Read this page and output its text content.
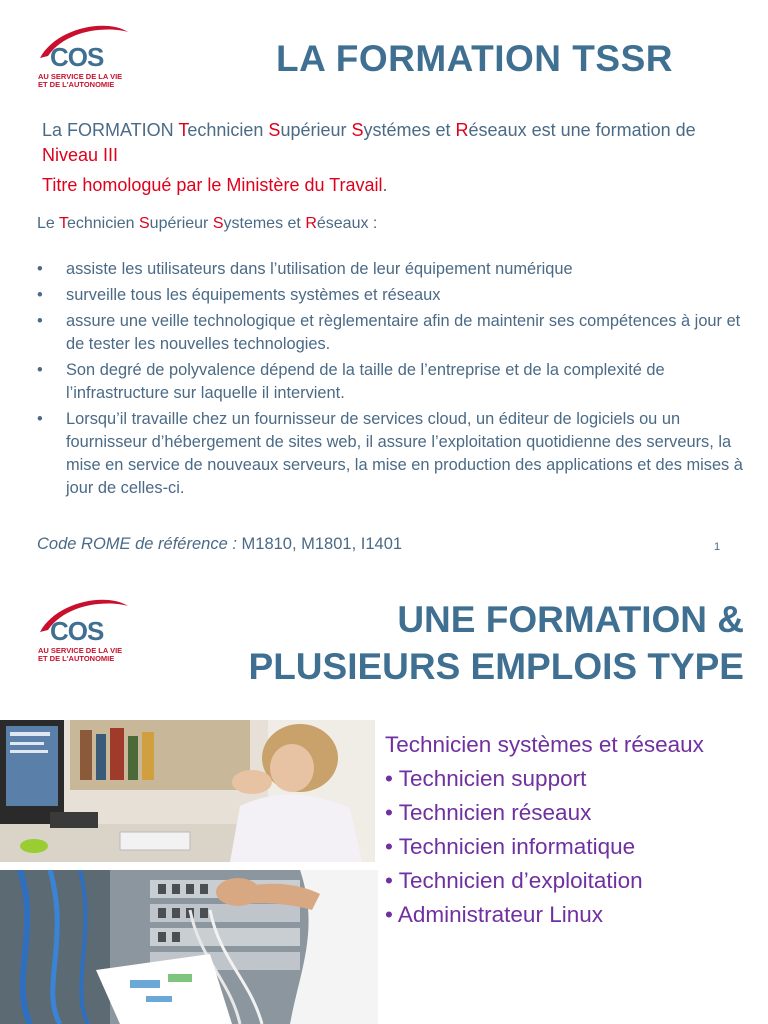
COS
AU SERVICE DE LA VIE
ET DE L'AUTONOMIE
LA FORMATION TSSR
La FORMATION Technicien Supérieur Systémes et Réseaux est une formation de Niveau III
Titre homologué par le Ministère du Travail.
Le Technicien Supérieur Systemes et Réseaux :
• assiste les utilisateurs dans l’utilisation de leur équipement numérique
• surveille tous les équipements systèmes et réseaux
• assure une veille technologique et règlementaire afin de maintenir ses compétences à jour et de tester les nouvelles technologies.
• Son degré de polyvalence dépend de la taille de l’entreprise et de la complexité de l’infrastructure sur laquelle il intervient.
• Lorsqu’il travaille chez un fournisseur de services cloud, un éditeur de logiciels ou un fournisseur d’hébergement de sites web, il assure l’exploitation quotidienne des serveurs, la mise en service de nouveaux serveurs, la mise en production des applications et des mises à jour de celles-ci.
Code ROME de référence : M1810, M1801, I1401	1
COS
AU SERVICE DE LA VIE
ET DE L'AUTONOMIE
UNE FORMATION &
PLUSIEURS EMPLOIS TYPE
Technicien systèmes et réseaux
• Technicien support
• Technicien réseaux
• Technicien informatique
• Technicien d’exploitation
• Administrateur Linux
